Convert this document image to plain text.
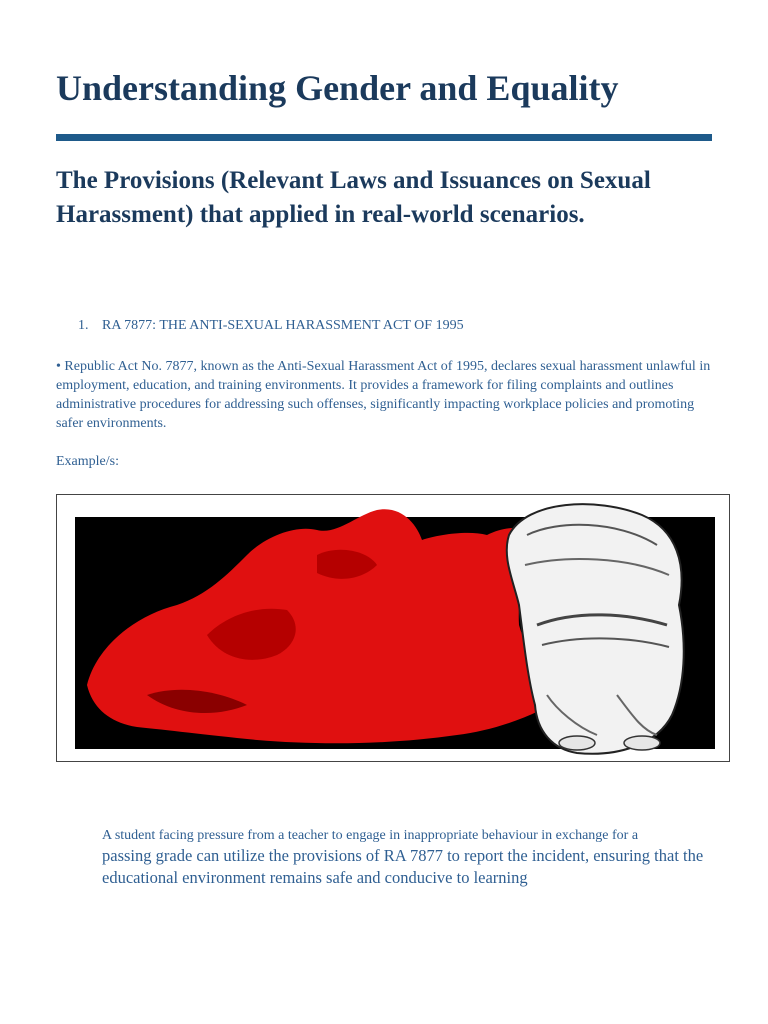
Understanding Gender and Equality
The Provisions (Relevant Laws and Issuances on Sexual Harassment) that applied in real-world scenarios.
1. RA 7877: THE ANTI-SEXUAL HARASSMENT ACT OF 1995

• Republic Act No. 7877, known as the Anti-Sexual Harassment Act of 1995, declares sexual harassment unlawful in employment, education, and training environments. It provides a framework for filing complaints and outlines administrative procedures for addressing such offenses, significantly impacting workplace policies and promoting safer environments.

Example/s:

A student facing pressure from a teacher to engage in inappropriate behaviour in exchange for a
passing grade can utilize the provisions of RA 7877 to report the incident, ensuring that the educational environment remains safe and conducive to learning
